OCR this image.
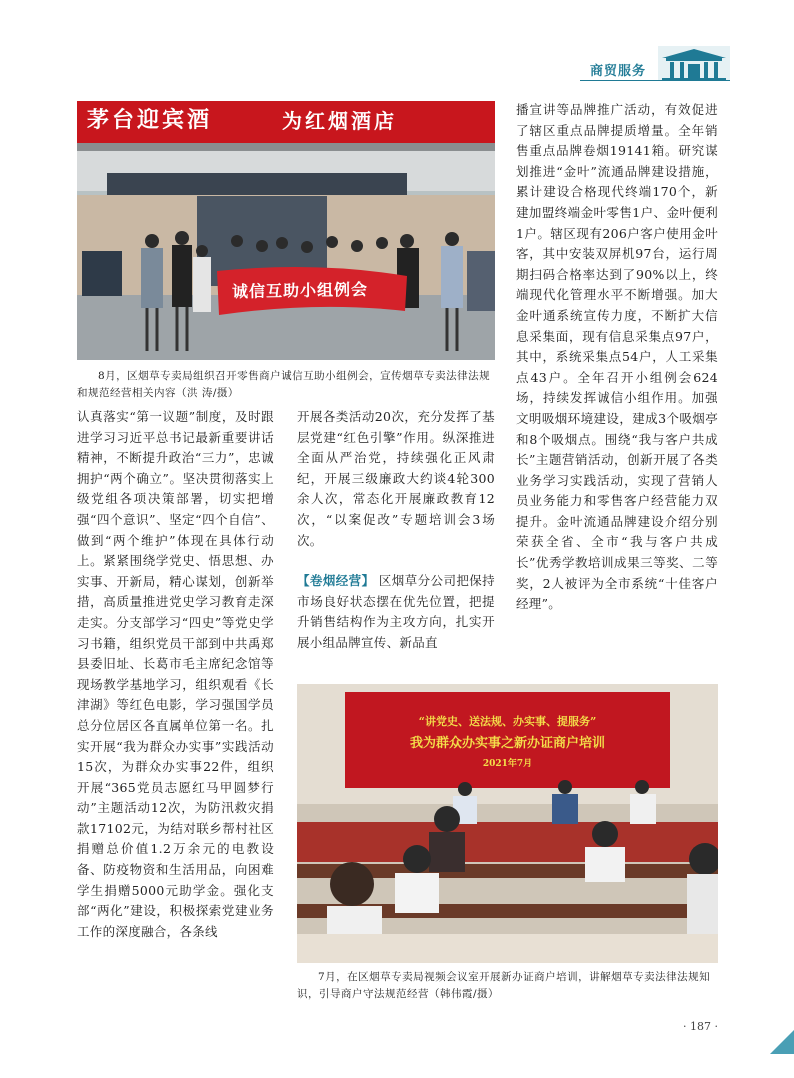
商贸服务
茅台迎宾酒	为红烟酒店
诚信互助小组例会
8月，区烟草专卖局组织召开零售商户诚信互助小组例会，宣传烟草专卖法律法规和规范经营相关内容（洪 涛/摄）

认真落实“第一议题”制度，及时跟进学习习近平总书记最新重要讲话精神，不断提升政治“三力”，忠诚拥护“两个确立”。坚决贯彻落实上级党组各项决策部署，切实把增强“四个意识”、坚定“四个自信”、做到“两个维护”体现在具体行动上。紧紧围绕学党史、悟思想、办实事、开新局，精心谋划，创新举措，高质量推进党史学习教育走深走实。分支部学习“四史”等党史学习书籍，组织党员干部到中共禹郑县委旧址、长葛市毛主席纪念馆等现场教学基地学习，组织观看《长津湖》等红色电影，学习强国学员总分位居区各直属单位第一名。扎实开展“我为群众办实事”实践活动15次，为群众办实事22件，组织开展“365党员志愿红马甲圆梦行动”主题活动12次，为防汛救灾捐款17102元，为结对联乡帮村社区捐赠总价值1.2万余元的电教设备、防疫物资和生活用品，向困难学生捐赠5000元助学金。强化支部“两化”建设，积极探索党建业务工作的深度融合，各条线

开展各类活动20次，充分发挥了基层党建“红色引擎”作用。纵深推进全面从严治党，持续强化正风肃纪，开展三级廉政大约谈4轮300余人次，常态化开展廉政教育12次，“以案促改”专题培训会3场次。

【卷烟经营】 区烟草分公司把保持市场良好状态摆在优先位置，把提升销售结构作为主攻方向，扎实开展小组品牌宣传、新品直

播宣讲等品牌推广活动，有效促进了辖区重点品牌提质增量。全年销售重点品牌卷烟19141箱。研究谋划推进“金叶”流通品牌建设措施，累计建设合格现代终端170个，新建加盟终端金叶零售1户、金叶便利1户。辖区现有206户客户使用金叶客，其中安装双屏机97台，运行周期扫码合格率达到了90%以上，终端现代化管理水平不断增强。加大金叶通系统宣传力度，不断扩大信息采集面，现有信息采集点97户，其中，系统采集点54户，人工采集点43户。全年召开小组例会624场，持续发挥诚信小组作用。加强文明吸烟环境建设，建成3个吸烟亭和8个吸烟点。围绕“我与客户共成长”主题营销活动，创新开展了各类业务学习实践活动，实现了营销人员业务能力和零售客户经营能力双提升。金叶流通品牌建设介绍分别荣获全省、全市“我与客户共成长”优秀学教培训成果三等奖、二等奖，2人被评为全市系统“十佳客户经理”。

“讲党史、送法规、办实事、提服务”
我为群众办实事之新办证商户培训
2021年7月
7月，在区烟草专卖局视频会议室开展新办证商户培训，讲解烟草专卖法律法规知识，引导商户守法规范经营（韩伟霞/摄）
· 187 ·
